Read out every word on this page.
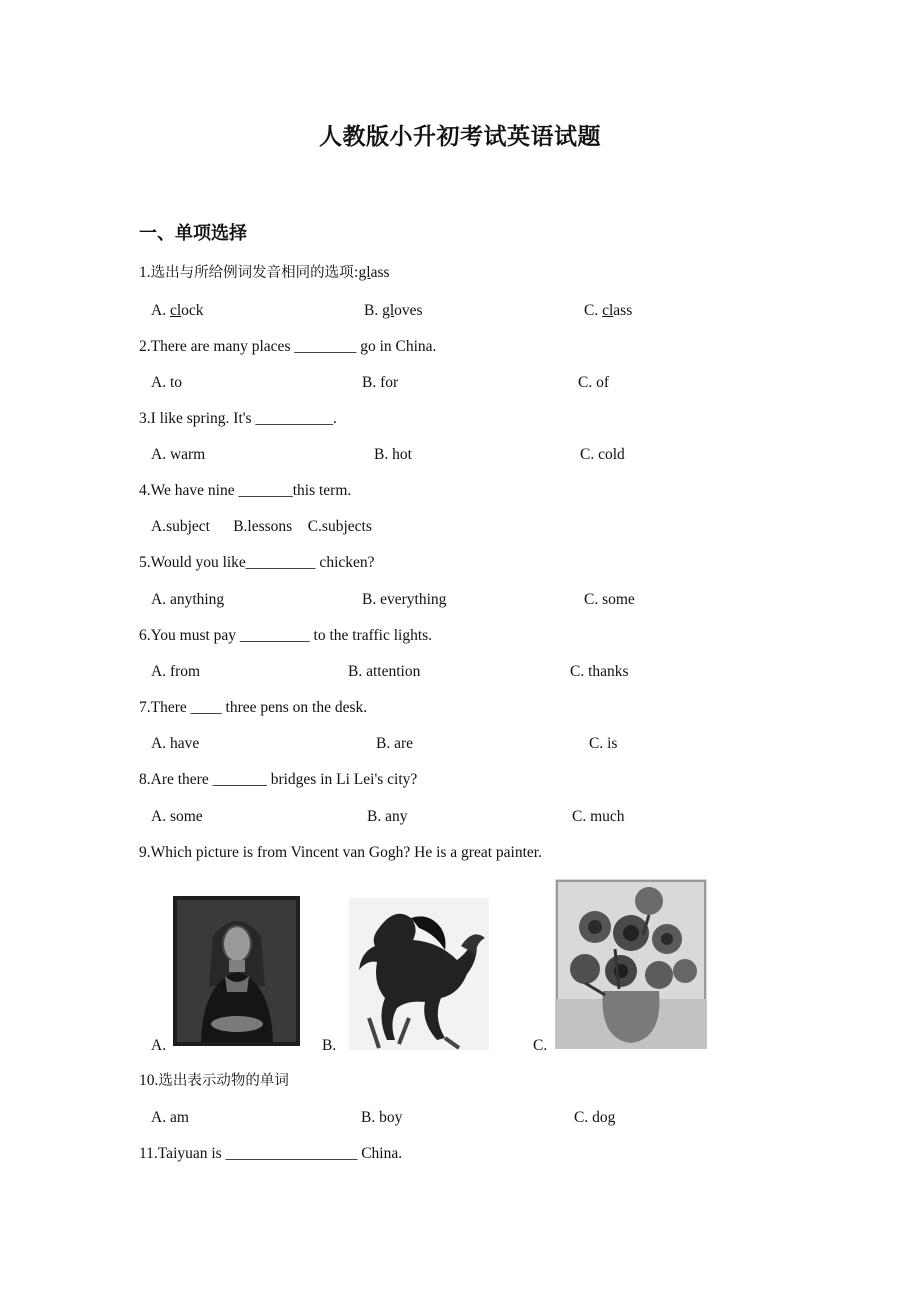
人教版小升初考试英语试题
一、单项选择
1.选出与所给例词发音相同的选项:glass
A. clock	B. gloves	C. class
2.There are many places ________ go in China.
A. to	B. for	C. of
3.I like spring. It's __________.
A. warm	B. hot	C. cold
4.We have nine _______this term.
A.subject      B.lessons    C.subjects
5.Would you like_________ chicken?
A. anything	B. everything	C. some
6.You must pay _________ to the traffic lights.
A. from	B. attention	C. thanks
7.There ____ three pens on the desk.
A. have	B. are	C. is
8.Are there _______ bridges in Li Lei's city?
A. some	B. any	C. much
9.Which picture is from Vincent van Gogh? He is a great painter.
A.	B.	C.
10.选出表示动物的单词
A. am	B. boy	C. dog
11.Taiyuan is _________________ China.
